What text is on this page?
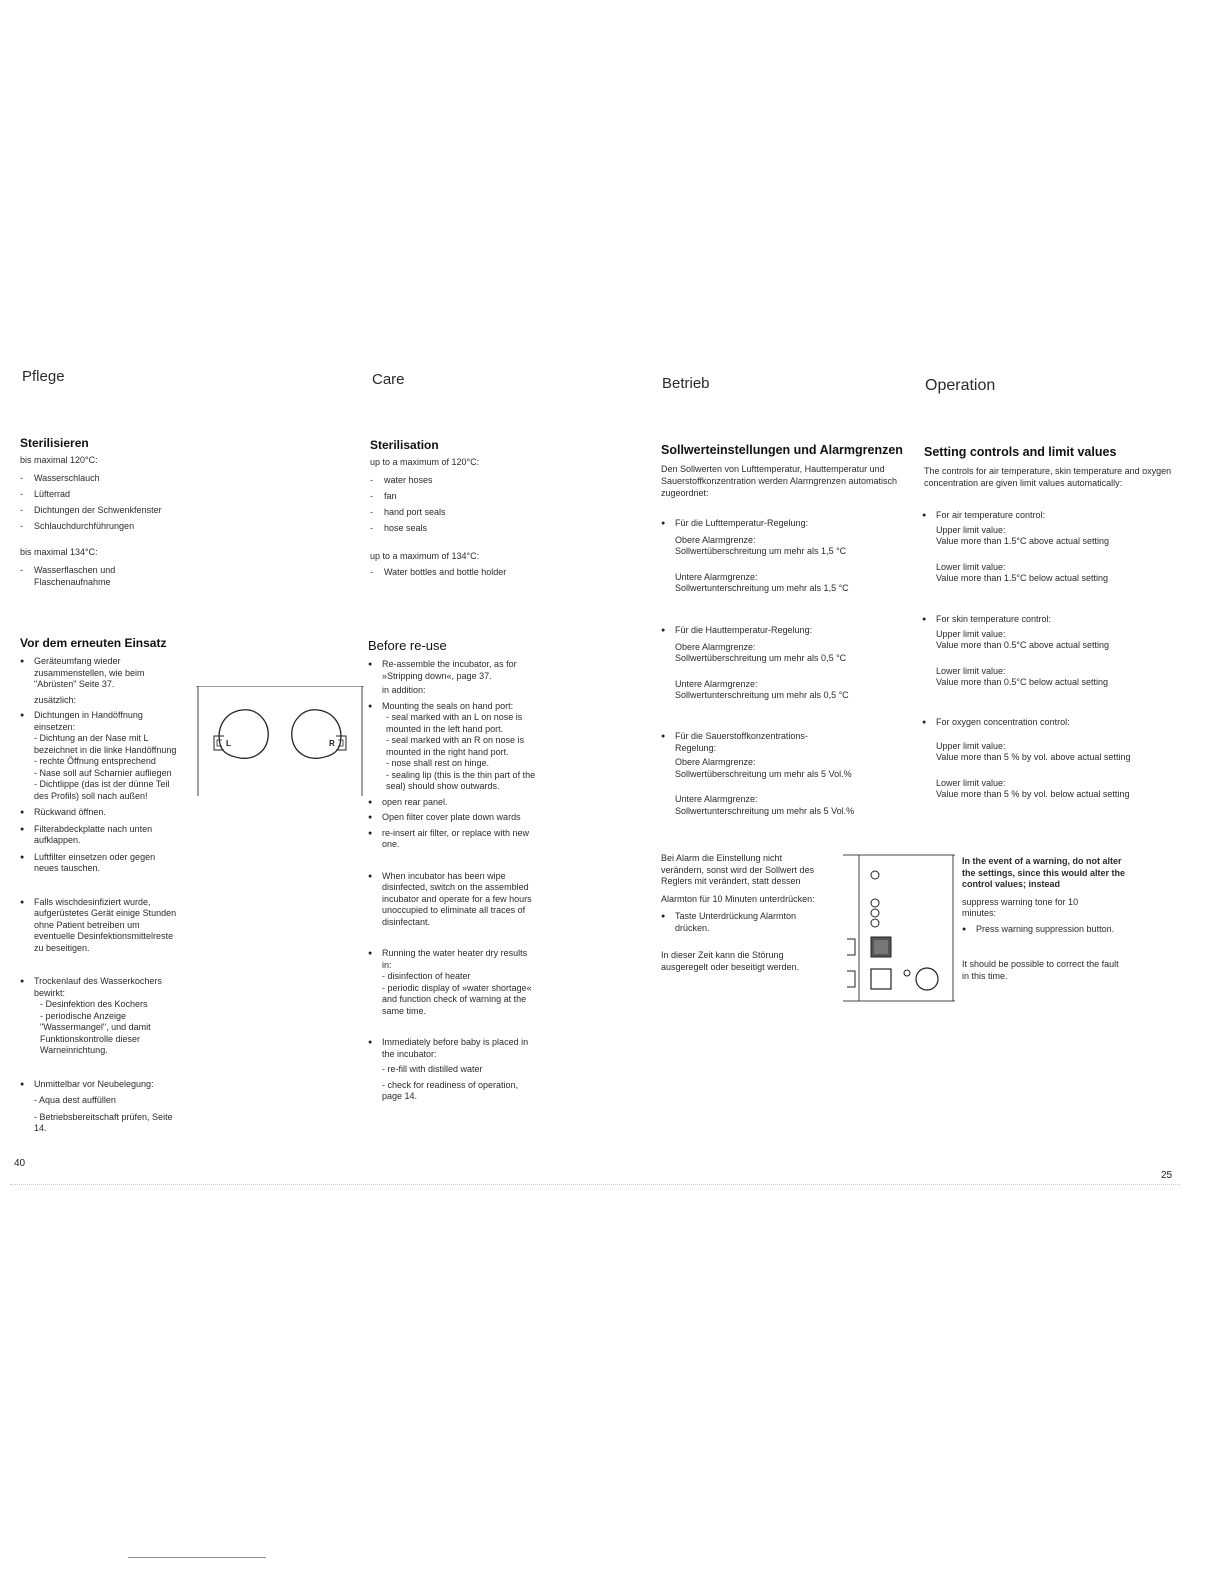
Pflege
Sterilisieren

bis maximal 120°C:

- Wasserschlauch
- Lüfterrad
- Dichtungen der Schwenkfenster
- Schlauchdurchführungen

bis maximal 134°C:

- Wasserflaschen und Flaschenaufnahme
Vor dem erneuten Einsatz
● Geräteumfang wieder zusammenstellen, wie beim "Abrüsten" Seite 37.
zusätzlich:
● Dichtungen in Handöffnung einsetzen:
- Dichtung an der Nase mit L bezeichnet in die linke Handöffnung
- rechte Öffnung entsprechend
- Nase soll auf Scharnier aufliegen
- Dichtlippe (das ist der dünne Teil des Profils) soll nach außen!
● Rückwand öffnen.
● Filterabdeckplatte nach unten aufklappen.
● Luftfilter einsetzen oder gegen neues tauschen.
● Falls wischdesinfiziert wurde, aufgerüstetes Gerät einige Stunden ohne Patient betreiben um eventuelle Desinfektionsmittelreste zu beseitigen.
● Trockenlauf des Wasserkochers bewirkt:
- Desinfektion des Kochers
- periodische Anzeige "Wassermangel", und damit Funktionskontrolle dieser Warneinrichtung.
● Unmittelbar vor Neubelegung:
- Aqua dest auffüllen
- Betriebsbereitschaft prüfen, Seite 14.
L	R
40
Care
Sterilisation

up to a maximum of 120°C:

- water hoses
- fan
- hand port seals
- hose seals

up to a maximum of 134°C:

- Water bottles and bottle holder
Before re-use
● Re-assemble the incubator, as for »Stripping down«, page 37.
in addition:
● Mounting the seals on hand port:
- seal marked with an L on nose is mounted in the left hand port.
- seal marked with an R on nose is mounted in the right hand port.
- nose shall rest on hinge.
- sealing lip (this is the thin part of the seal) should show outwards.
● open rear panel.
● Open filter cover plate down wards
● re-insert air filter, or replace with new one.
● When incubator has been wipe disinfected, switch on the assembled incubator and operate for a few hours unoccupied to eliminate all traces of disinfectant.
● Running the water heater dry results in:
- disinfection of heater
- periodic display of »water shortage« and function check of warning at the same time.
● Immediately before baby is placed in the incubator:
- re-fill with distilled water
- check for readiness of operation, page 14.
Betrieb
Sollwerteinstellungen und Alarmgrenzen

Den Sollwerten von Lufttemperatur, Hauttemperatur und Sauerstoffkonzentration werden Alarmgrenzen automatisch zugeordnet:

● Für die Lufttemperatur-Regelung:
Obere Alarmgrenze:
Sollwertüberschreitung um mehr als 1,5 °C
Untere Alarmgrenze:
Sollwertunterschreitung um mehr als 1,5 °C
● Für die Hauttemperatur-Regelung:
Obere Alarmgrenze:
Sollwertüberschreitung um mehr als 0,5 °C
Untere Alarmgrenze:
Sollwertunterschreitung um mehr als 0,5 °C
● Für die Sauerstoffkonzentrations-Regelung:
Obere Alarmgrenze:
Sollwertüberschreitung um mehr als 5 Vol.%
Untere Alarmgrenze:
Sollwertunterschreitung um mehr als 5 Vol.%
Bei Alarm die Einstellung nicht verändern, sonst wird der Sollwert des Reglers mit verändert, statt dessen
Alarmton für 10 Minuten unterdrücken:
● Taste Unterdrückung Alarmton drücken.
In dieser Zeit kann die Störung ausgeregelt oder beseitigt werden.
Operation
Setting controls and limit values

The controls for air temperature, skin temperature and oxygen concentration are given limit values automatically:

● For air temperature control:
Upper limit value:
Value more than 1.5°C above actual setting
Lower limit value:
Value more than 1.5°C below actual setting
● For skin temperature control:
Upper limit value:
Value more than 0.5°C above actual setting
Lower limit value:
Value more than 0.5°C below actual setting
● For oxygen concentration control:
Upper limit value:
Value more than 5 % by vol. above actual setting
Lower limit value:
Value more than 5 % by vol. below actual setting
In the event of a warning, do not alter the settings, since this would alter the control values; instead
suppress warning tone for 10 minutes:
● Press warning suppression button.
It should be possible to correct the fault in this time.
25
